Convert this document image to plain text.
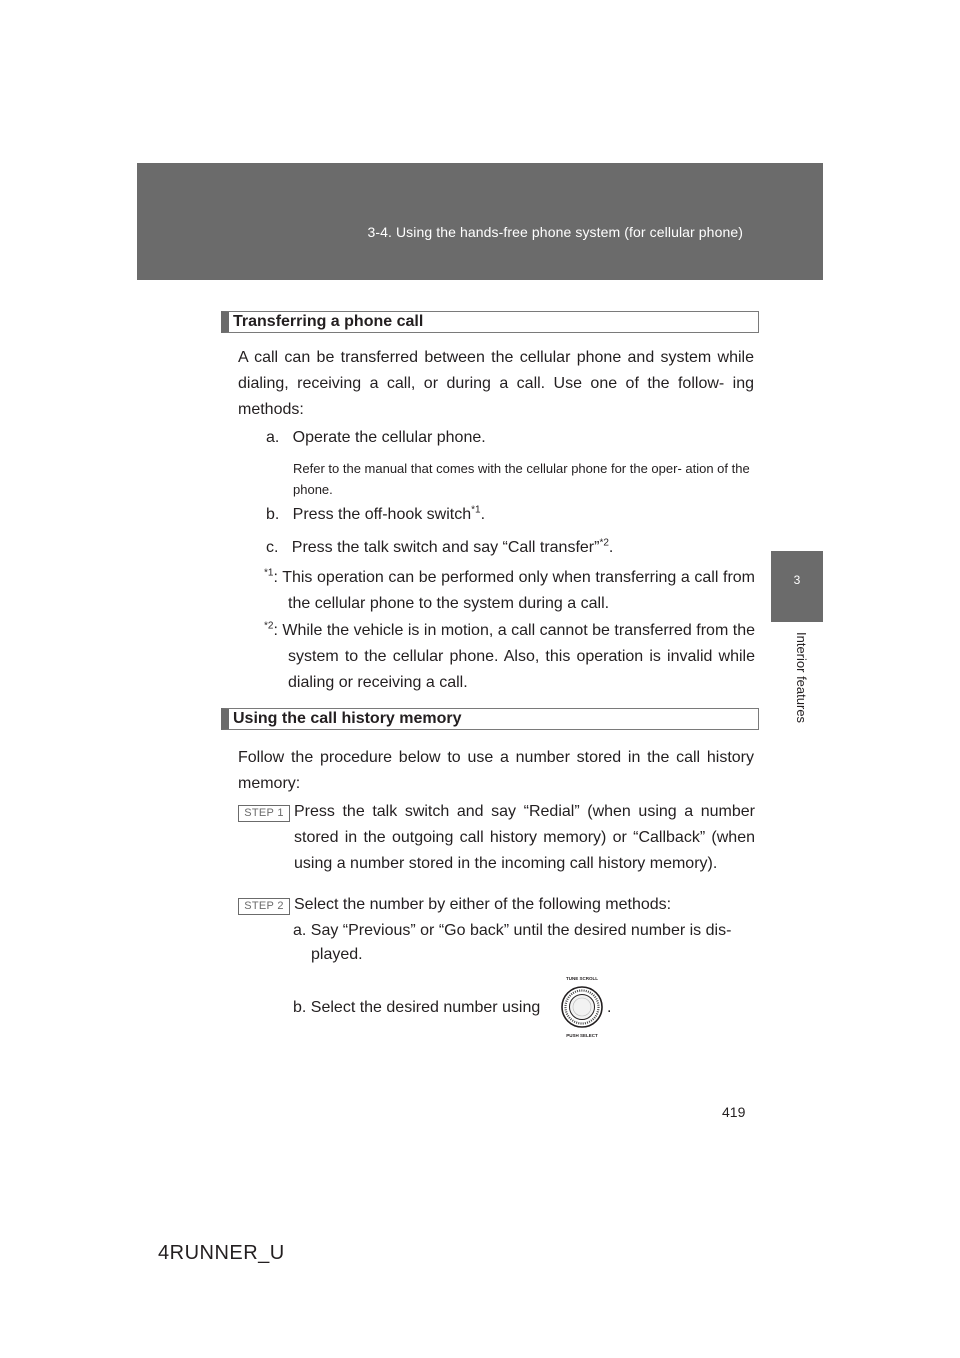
3-4. Using the hands-free phone system (for cellular phone)
3
Interior features
Transferring a phone call
A call can be transferred between the cellular phone and system while dialing, receiving a call, or during a call. Use one of the follow- ing methods:
a.   Operate the cellular phone.
Refer to the manual that comes with the cellular phone for the oper- ation of the phone.
b.   Press the off-hook switch$^{*1}$.
c.   Press the talk switch and say “Call transfer”$^{*2}$.
$^{*1}$: This operation can be performed only when transferring a call from the cellular phone to the system during a call.
$^{*2}$: While the vehicle is in motion, a call cannot be transferred from the system to the cellular phone. Also, this operation is invalid while dialing or receiving a call.
Using the call history memory
Follow the procedure below to use a number stored in the call history memory:
STEP 1 Press the talk switch and say “Redial” (when using a number stored in the outgoing call history memory) or “Callback” (when using a number stored in the incoming call history memory).
STEP 2 Select the number by either of the following methods:
a. Say “Previous” or “Go back” until the desired number is dis-
played.
b. Select the desired number using	.
TUNE SCROLL
PUSH SELECT
419
4RUNNER_U
